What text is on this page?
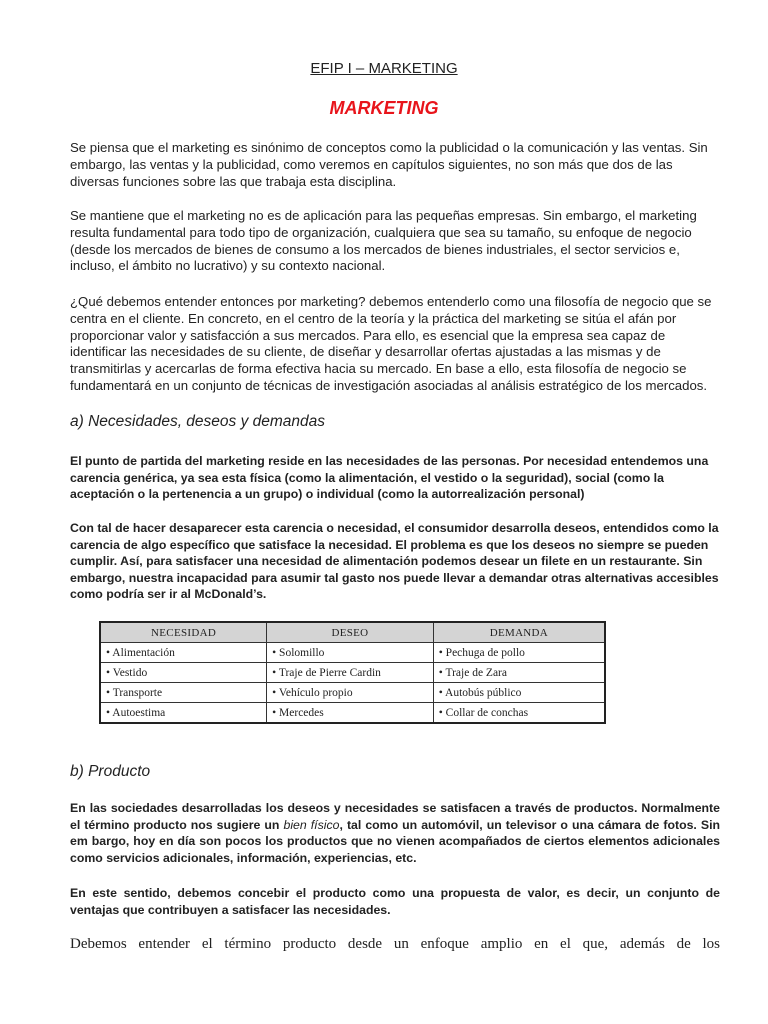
EFIP I – MARKETING
MARKETING

Se piensa que el marketing es sinónimo de conceptos como la publicidad o la comunicación y las ventas. Sin embargo, las ventas y la publicidad, como veremos en capítulos siguientes, no son más que dos de las diversas funciones sobre las que trabaja esta disciplina.

Se mantiene que el marketing no es de aplicación para las pequeñas empresas. Sin embargo, el marketing resulta fundamental para todo tipo de organización, cualquiera que sea su tamaño, su enfoque de negocio (desde los mercados de bienes de consumo a los mercados de bienes industriales, el sector servicios e, incluso, el ámbito no lucrativo) y su contexto nacional.

¿Qué debemos entender entonces por marketing? debemos entenderlo como una filosofía de negocio que se centra en el cliente. En concreto, en el centro de la teoría y la práctica del marketing se sitúa el afán por proporcionar valor y satisfacción a sus mercados. Para ello, es esencial que la empresa sea capaz de identificar las necesidades de su cliente, de diseñar y desarrollar ofertas ajustadas a las mismas y de transmitirlas y acercarlas de forma efectiva hacia su mercado. En base a ello, esta filosofía de negocio se fundamentará en un conjunto de técnicas de investigación asociadas al análisis estratégico de los mercados.

a) Necesidades, deseos y demandas

El punto de partida del marketing reside en las necesidades de las personas. Por necesidad entendemos una carencia genérica, ya sea esta física (como la alimentación, el vestido o la seguridad), social (como la aceptación o la pertenencia a un grupo) o individual (como la autorrealización personal)

Con tal de hacer desaparecer esta carencia o necesidad, el consumidor desarrolla deseos, entendidos como la carencia de algo específico que satisface la necesidad. El problema es que los deseos no siempre se pueden cumplir. Así, para satisfacer una necesidad de alimentación podemos desear un filete en un restaurante. Sin embargo, nuestra incapacidad para asumir tal gasto nos puede llevar a demandar otras alternativas accesibles como podría ser ir al McDonald’s.

NECESIDAD	DESEO	DEMANDA
• Alimentación	• Solomillo	• Pechuga de pollo
• Vestido	• Traje de Pierre Cardin	• Traje de Zara
• Transporte	• Vehículo propio	• Autobús público
• Autoestima	• Mercedes	• Collar de conchas
b) Producto

En las sociedades desarrolladas los deseos y necesidades se satisfacen a través de productos. Normalmente el término producto nos sugiere un bien físico, tal como un automóvil, un televisor o una cámara de fotos. Sin em bargo, hoy en día son pocos los productos que no vienen acompañados de ciertos elementos adicionales como servicios adicionales, información, experiencias, etc.

En este sentido, debemos concebir el producto como una propuesta de valor, es decir, un conjunto de ventajas que contribuyen a satisfacer las necesidades.

Debemos entender el término producto desde un enfoque amplio en el que, además de los
